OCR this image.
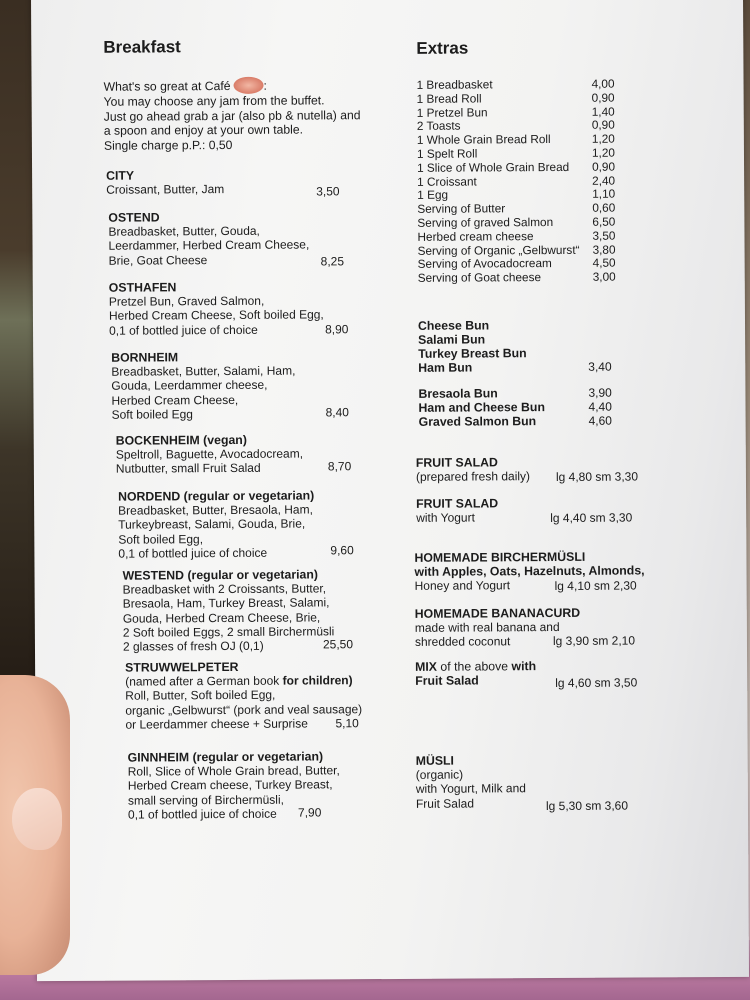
Breakfast
What's so great at Café	:
You may choose any jam from the buffet.
Just go ahead grab a jar (also pb & nutella) and
a spoon and enjoy at your own table.
Single charge p.P.: 0,50
CITY
Croissant, Butter, Jam	3,50
OSTEND
Breadbasket, Butter, Gouda,
Leerdammer, Herbed Cream Cheese,
Brie, Goat Cheese	8,25
OSTHAFEN
Pretzel Bun, Graved Salmon,
Herbed Cream Cheese, Soft boiled Egg,
0,1 of bottled juice of choice	8,90
BORNHEIM
Breadbasket, Butter, Salami, Ham,
Gouda, Leerdammer cheese,
Herbed Cream Cheese,
Soft boiled Egg	8,40
BOCKENHEIM (vegan)
Speltroll, Baguette, Avocadocream,
Nutbutter, small Fruit Salad	8,70
NORDEND (regular or vegetarian)
Breadbasket, Butter, Bresaola, Ham,
Turkeybreast, Salami, Gouda, Brie,
Soft boiled Egg,
0,1 of bottled juice of choice	9,60
WESTEND (regular or vegetarian)
Breadbasket with 2 Croissants, Butter,
Bresaola, Ham, Turkey Breast, Salami,
Gouda, Herbed Cream Cheese, Brie,
2 Soft boiled Eggs, 2 small Birchermüsli
2 glasses of fresh OJ (0,1)	25,50
STRUWWELPETER
(named after a German book for children)
Roll, Butter, Soft boiled Egg,
organic „Gelbwurst“ (pork and veal sausage)
or Leerdammer cheese + Surprise	5,10
GINNHEIM (regular or vegetarian)
Roll, Slice of Whole Grain bread, Butter,
Herbed Cream cheese, Turkey Breast,
small serving of Birchermüsli,
0,1 of bottled juice of choice	7,90
Extras
1 Breadbasket	4,00
1 Bread Roll	0,90
1 Pretzel Bun	1,40
2 Toasts	0,90
1 Whole Grain Bread Roll	1,20
1 Spelt Roll	1,20
1 Slice of Whole Grain Bread 0,90
1 Croissant	2,40
1 Egg	1,10
Serving of Butter	0,60
Serving of graved Salmon	6,50
Herbed cream cheese	3,50
Serving of Organic „Gelbwurst“ 3,80
Serving of Avocadocream	4,50
Serving of Goat cheese	3,00
Cheese Bun
Salami Bun
Turkey Breast Bun
Ham Bun	3,40
Bresaola Bun	3,90
Ham and Cheese Bun	4,40
Graved Salmon Bun	4,60
FRUIT SALAD
(prepared fresh daily)	lg 4,80 sm 3,30
FRUIT SALAD
with Yogurt	lg 4,40 sm 3,30
HOMEMADE BIRCHERMÜSLI
with Apples, Oats, Hazelnuts, Almonds,
Honey and Yogurt	lg 4,10 sm 2,30
HOMEMADE BANANACURD
made with real banana and
shredded coconut	lg 3,90 sm 2,10
MIX of the above with
Fruit Salad	lg 4,60 sm 3,50
MÜSLI
(organic)
with Yogurt, Milk and
Fruit Salad	lg 5,30 sm 3,60
